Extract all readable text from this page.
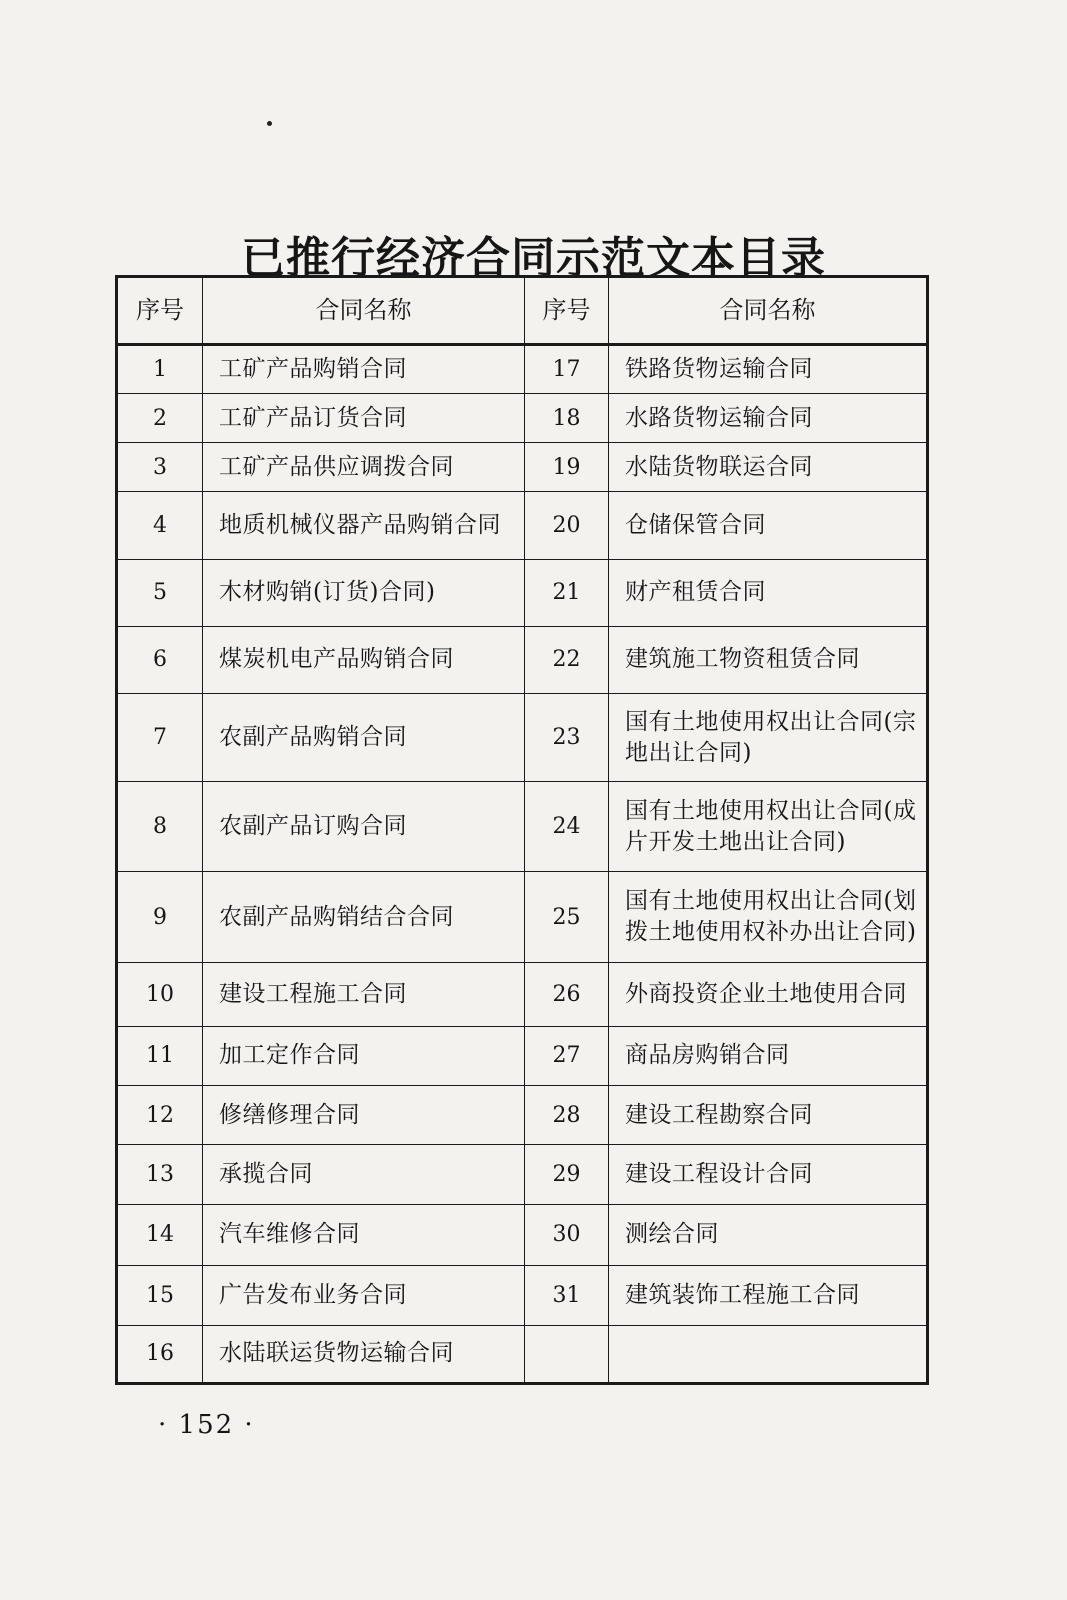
已推行经济合同示范文本目录
序号	合同名称	序号	合同名称
1	工矿产品购销合同	17	铁路货物运输合同
2	工矿产品订货合同	18	水路货物运输合同
3	工矿产品供应调拨合同	19	水陆货物联运合同
4	地质机械仪器产品购销合同	20	仓储保管合同
5	木材购销(订货)合同)	21	财产租赁合同
6	煤炭机电产品购销合同	22	建筑施工物资租赁合同
7	农副产品购销合同	23	国有土地使用权出让合同(宗地出让合同)
8	农副产品订购合同	24	国有土地使用权出让合同(成片开发土地出让合同)
9	农副产品购销结合合同	25	国有土地使用权出让合同(划拨土地使用权补办出让合同)
10	建设工程施工合同	26	外商投资企业土地使用合同
11	加工定作合同	27	商品房购销合同
12	修缮修理合同	28	建设工程勘察合同
13	承揽合同	29	建设工程设计合同
14	汽车维修合同	30	测绘合同
15	广告发布业务合同	31	建筑装饰工程施工合同
16	水陆联运货物运输合同		
· 152 ·
